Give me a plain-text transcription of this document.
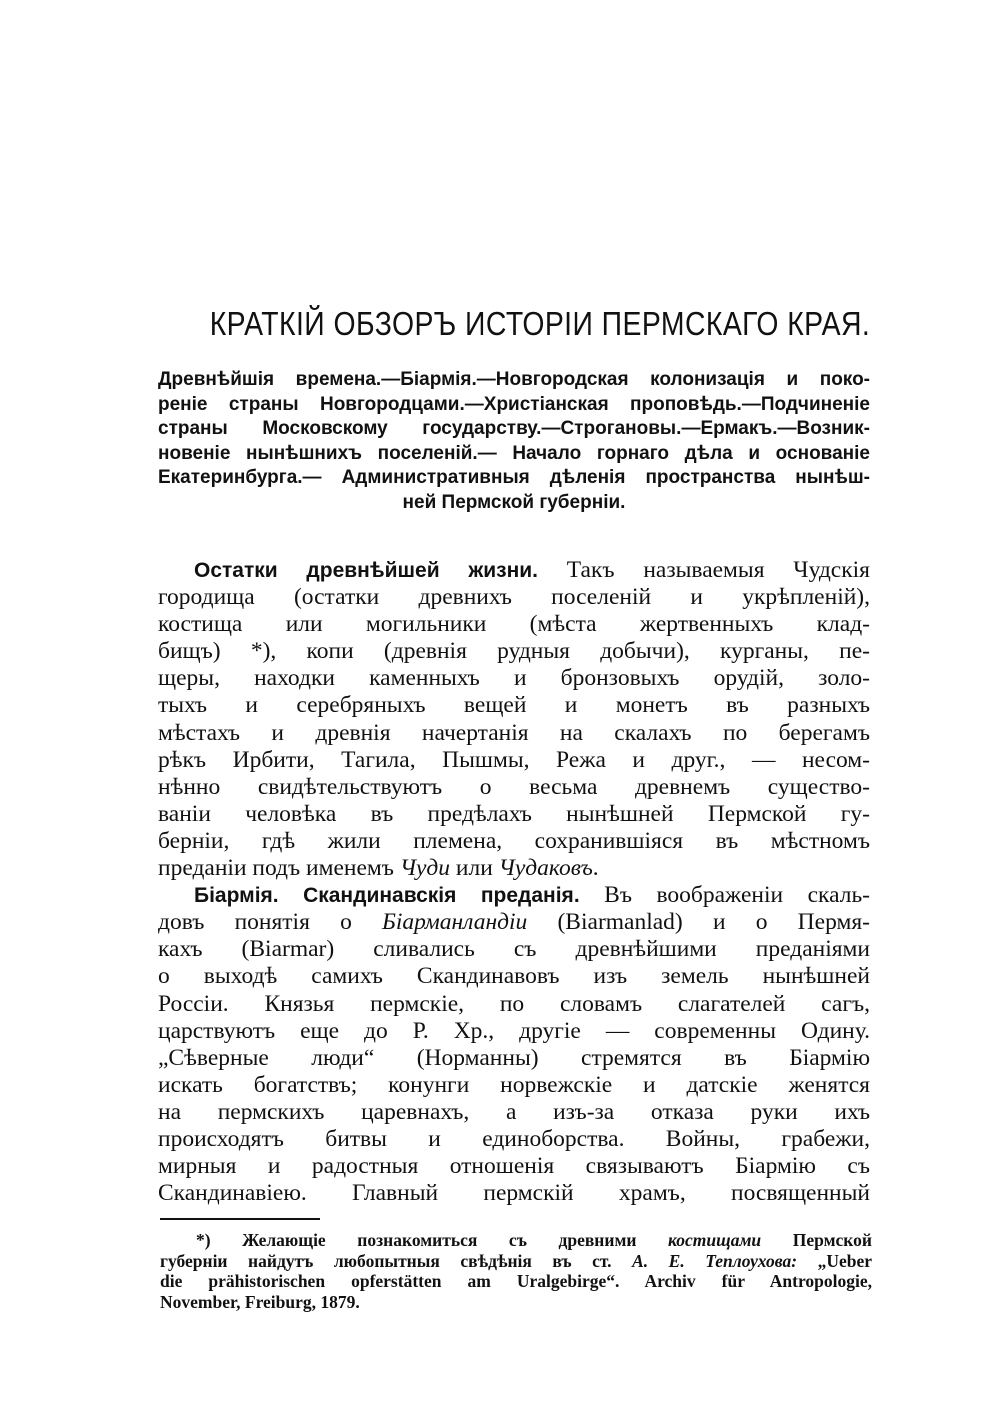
КРАТКІЙ ОБЗОРЪ ИСТОРІИ ПЕРМСКАГО КРАЯ.
Древнѣйшія времена.—Біармія.—Новгородская колонизація и поко-
реніе страны Новгородцами.—Христіанская проповѣдь.—Подчиненіе
страны Московскому государству.—Строгановы.—Ермакъ.—Возник-
новеніе нынѣшнихъ поселеній.— Начало горнаго дѣла и основаніе
Екатеринбурга.— Административныя дѣленія пространства нынѣш-
ней Пермской губерніи.
Остатки древнѣйшей жизни. Такъ называемыя Чудскія
городища (остатки древнихъ поселеній и укрѣпленій),
костища или могильники (мѣста жертвенныхъ клад-
бищъ) *), копи (древнія рудныя добычи), курганы, пе-
щеры, находки каменныхъ и бронзовыхъ орудій, золо-
тыхъ и серебряныхъ вещей и монетъ въ разныхъ
мѣстахъ и древнія начертанія на скалахъ по берегамъ
рѣкъ Ирбити, Тагила, Пышмы, Режа и друг., — несом-
нѣнно свидѣтельствуютъ о весьма древнемъ существо-
ваніи человѣка въ предѣлахъ нынѣшней Пермской гу-
берніи, гдѣ жили племена, сохранившіяся въ мѣстномъ
преданіи подъ именемъ Чуди или Чудаковъ.
Біармія. Скандинавскія преданія. Въ воображеніи скаль-
довъ понятія о Біарманландіи (Biarmanlad) и о Пермя-
кахъ (Biarmar) сливались съ древнѣйшими преданіями
о выходѣ самихъ Скандинавовъ изъ земель нынѣшней
Россіи. Князья пермскіе, по словамъ слагателей сагъ,
царствуютъ еще до Р. Хр., другіе — современны Одину.
„Сѣверные люди“ (Норманны) стремятся въ Біармію
искать богатствъ; конунги норвежскіе и датскіе женятся
на пермскихъ царевнахъ, а изъ-за отказа руки ихъ
происходятъ битвы и единоборства. Войны, грабежи,
мирныя и радостныя отношенія связываютъ Біармію съ
Скандинавіею. Главный пермскій храмъ, посвященный
*) Желающіе познакомиться съ древними костищами Пермской
губерніи найдутъ любопытныя свѣдѣнія въ ст. А. Е. Теплоухова: „Ueber
die prähistorischen opferstätten am Uralgebirge“. Archiv für Antropologie,
November, Freiburg, 1879.
